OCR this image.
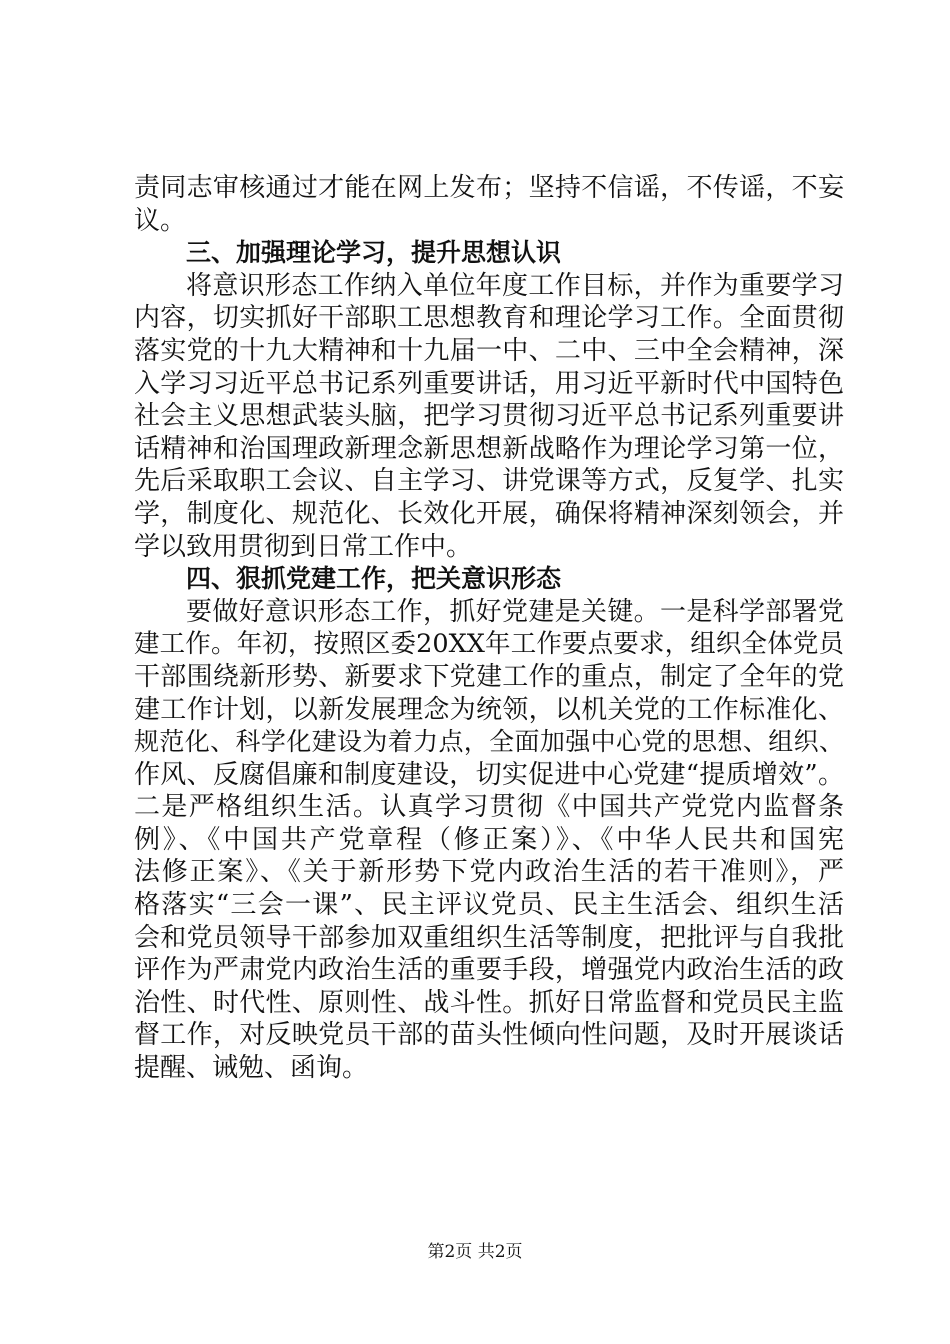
责同志审核通过才能在网上发布；坚持不信谣，不传谣，不妄
议。
三、加强理论学习，提升思想认识
将意识形态工作纳入单位年度工作目标，并作为重要学习
内容，切实抓好干部职工思想教育和理论学习工作。全面贯彻
落实党的十九大精神和十九届一中、二中、三中全会精神，深
入学习习近平总书记系列重要讲话，用习近平新时代中国特色
社会主义思想武装头脑，把学习贯彻习近平总书记系列重要讲
话精神和治国理政新理念新思想新战略作为理论学习第一位，
先后采取职工会议、自主学习、讲党课等方式，反复学、扎实
学，制度化、规范化、长效化开展，确保将精神深刻领会，并
学以致用贯彻到日常工作中。
四、狠抓党建工作，把关意识形态
要做好意识形态工作，抓好党建是关键。一是科学部署党
建工作。年初，按照区委20XX年工作要点要求，组织全体党员
干部围绕新形势、新要求下党建工作的重点，制定了全年的党
建工作计划，以新发展理念为统领，以机关党的工作标准化、
规范化、科学化建设为着力点，全面加强中心党的思想、组织、
作风、反腐倡廉和制度建设，切实促进中心党建“提质增效”。
二是严格组织生活。认真学习贯彻《中国共产党党内监督条
例》、《中国共产党章程（修正案）》、《中华人民共和国宪
法修正案》、《关于新形势下党内政治生活的若干准则》，严
格落实“三会一课”、民主评议党员、民主生活会、组织生活
会和党员领导干部参加双重组织生活等制度，把批评与自我批
评作为严肃党内政治生活的重要手段，增强党内政治生活的政
治性、时代性、原则性、战斗性。抓好日常监督和党员民主监
督工作，对反映党员干部的苗头性倾向性问题，及时开展谈话
提醒、诫勉、函询。
第2页 共2页
